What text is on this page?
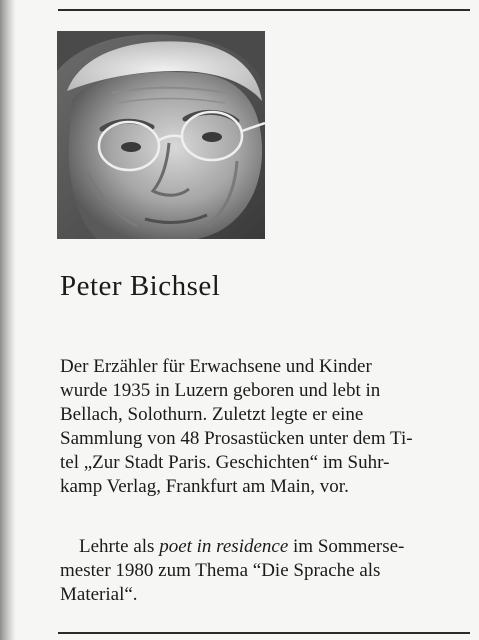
Peter Bichsel

Der Erzähler für Erwachsene und Kinder
wurde 1935 in Luzern geboren und lebt in
Bellach, Solothurn. Zuletzt legte er eine
Sammlung von 48 Prosastücken unter dem Ti-
tel „Zur Stadt Paris. Geschichten“ im Suhr-
kamp Verlag, Frankfurt am Main, vor.

Lehrte als poet in residence im Sommerse-
mester 1980 zum Thema “Die Sprache als
Material“.
